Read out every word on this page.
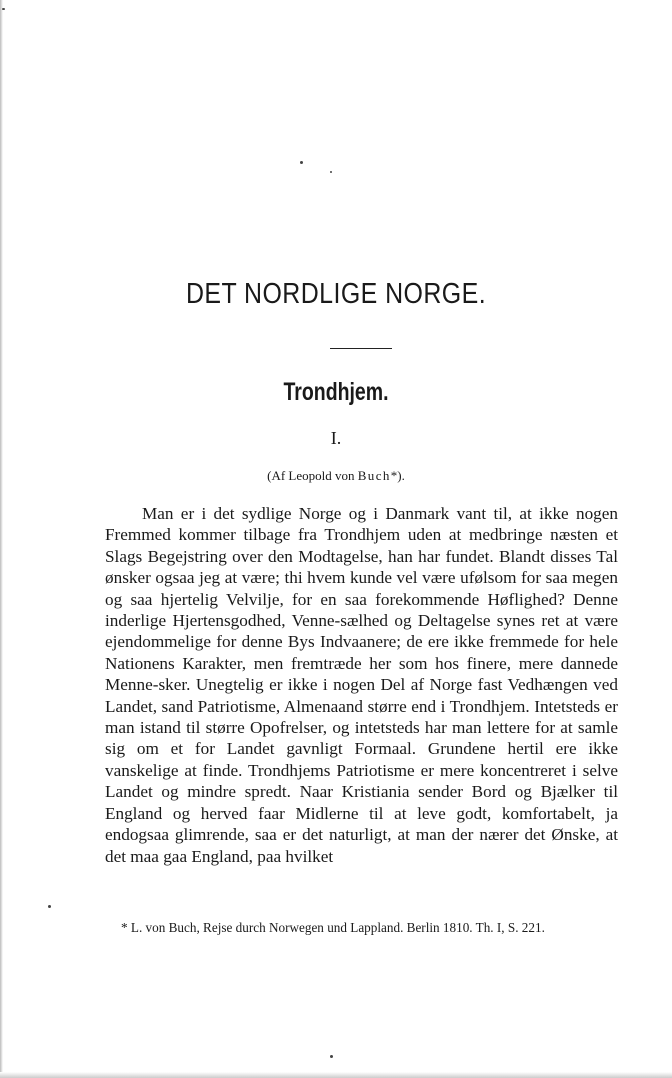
DET NORDLIGE NORGE.
Trondhjem.
I.
(Af Leopold von Buch*).

Man er i det sydlige Norge og i Danmark vant til, at ikke nogen Fremmed kommer tilbage fra Trondhjem uden at medbringe næsten et Slags Begejstring over den Modtagelse, han har fundet. Blandt disses Tal ønsker ogsaa jeg at være; thi hvem kunde vel være ufølsom for saa megen og saa hjertelig Velvilje, for en saa forekommende Høflighed? Denne inderlige Hjertensgodhed, Venne-sælhed og Deltagelse synes ret at være ejendommelige for denne Bys Indvaanere; de ere ikke fremmede for hele Nationens Karakter, men fremtræde her som hos finere, mere dannede Menne-sker. Unegtelig er ikke i nogen Del af Norge fast Vedhængen ved Landet, sand Patriotisme, Almenaand større end i Trondhjem. Intetsteds er man istand til større Opofrelser, og intetsteds har man lettere for at samle sig om et for Landet gavnligt Formaal. Grundene hertil ere ikke vanskelige at finde. Trondhjems Patriotisme er mere koncentreret i selve Landet og mindre spredt. Naar Kristiania sender Bord og Bjælker til England og herved faar Midlerne til at leve godt, komfortabelt, ja endogsaa glimrende, saa er det naturligt, at man der nærer det Ønske, at det maa gaa England, paa hvilket

* L. von Buch, Rejse durch Norwegen und Lappland. Berlin 1810. Th. I, S. 221.
